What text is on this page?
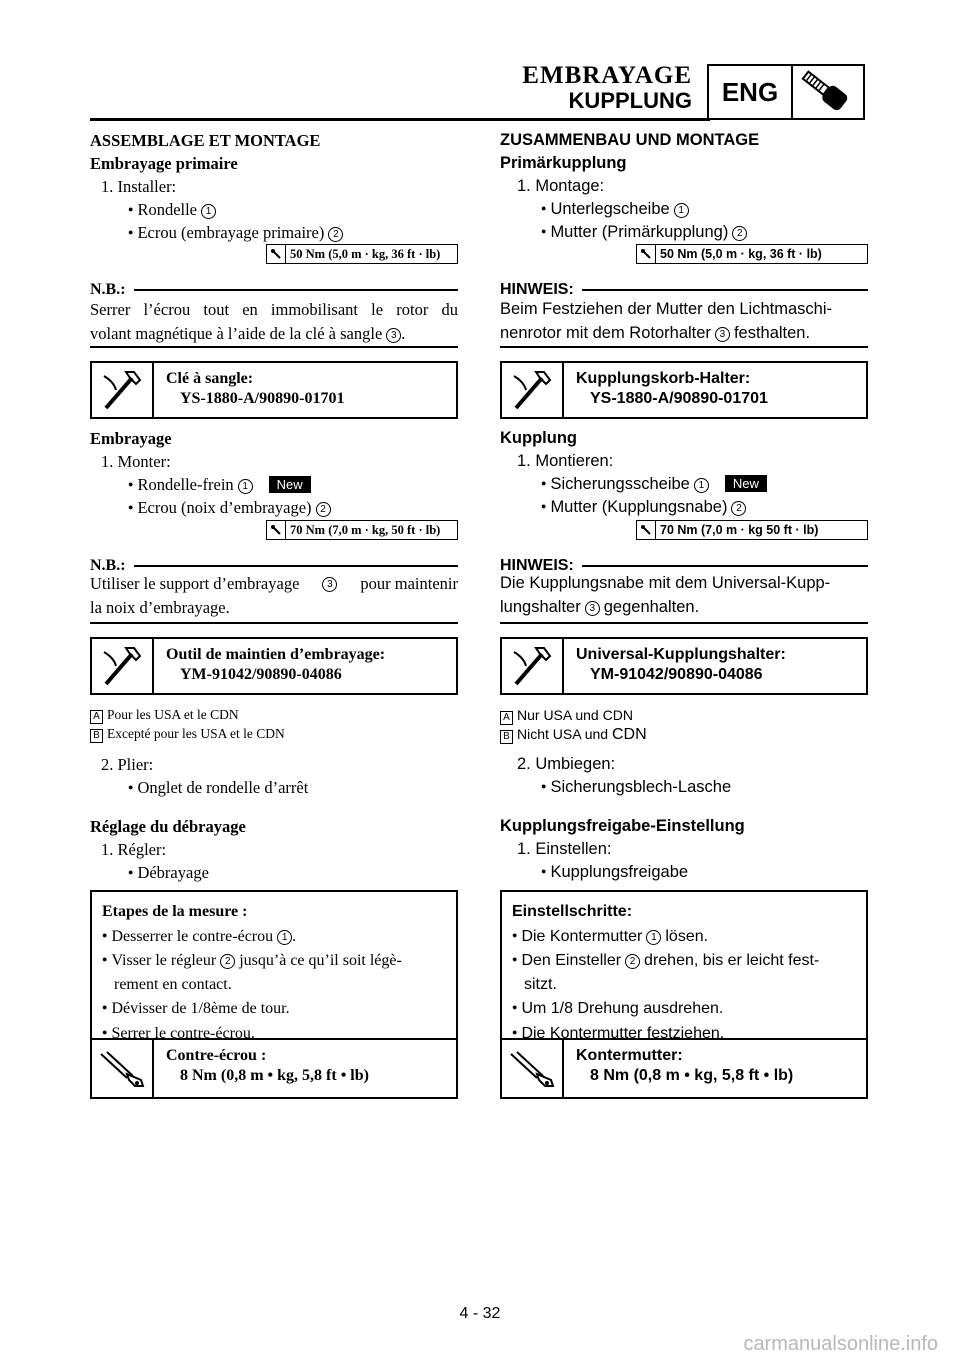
EMBRAYAGE
KUPPLUNG	ENG
ASSEMBLAGE ET MONTAGE
Embrayage primaire
1. Installer:
● Rondelle 1
● Ecrou (embrayage primaire) 2
50 Nm (5,0 m · kg, 36 ft · lb)
N.B.:
Serrer l’écrou tout en immobilisant le rotor du
volant magnétique à l’aide de la clé à sangle 3 .
Clé à sangle:
YS-1880-A/90890-01701
Embrayage
1. Monter:
● Rondelle-frein 1 New
● Ecrou (noix d’embrayage) 2
70 Nm (7,0 m · kg, 50 ft · lb)
N.B.:
Utiliser le support d’embrayage	3 pour maintenir
la noix d’embrayage.
Outil de maintien d’embrayage:
YM-91042/90890-04086
A Pour les USA et le CDN
B Excepté pour les USA et le CDN
2. Plier:
● Onglet de rondelle d’arrêt
Réglage du débrayage
1. Régler:
● Débrayage
Etapes de la mesure :
● Desserrer le contre-écrou 1 .
● Visser le régleur 2 jusqu’à ce qu’il soit légè-
rement en contact.
● Dévisser de 1/8ème de tour.
● Serrer le contre-écrou.
Contre-écrou :
8 Nm (0,8 m • kg, 5,8 ft • lb)
ZUSAMMENBAU UND MONTAGE
Primärkupplung
1. Montage:
● Unterlegscheibe 1
● Mutter (Primärkupplung) 2
50 Nm (5,0 m · kg, 36 ft · lb)
HINWEIS:
Beim Festziehen der Mutter den Lichtmaschi-
nenrotor mit dem Rotorhalter 3 festhalten.
Kupplungskorb-Halter:
YS-1880-A/90890-01701
Kupplung
1. Montieren:
● Sicherungsscheibe 1 New
● Mutter (Kupplungsnabe) 2
70 Nm (7,0 m · kg 50 ft · lb)
HINWEIS:
Die Kupplungsnabe mit dem Universal-Kupp-
lungshalter 3 gegenhalten.
Universal-Kupplungshalter:
YM-91042/90890-04086
A Nur USA und CDN
B Nicht USA und CDN
2. Umbiegen:
● Sicherungsblech-Lasche
Kupplungsfreigabe-Einstellung
1. Einstellen:
● Kupplungsfreigabe
Einstellschritte:
● Die Kontermutter 1 lösen.
● Den Einsteller 2 drehen, bis er leicht fest-
sitzt.
● Um 1/8 Drehung ausdrehen.
● Die Kontermutter festziehen.
Kontermutter:
8 Nm (0,8 m • kg, 5,8 ft • lb)
4 - 32
carmanualsonline.info
